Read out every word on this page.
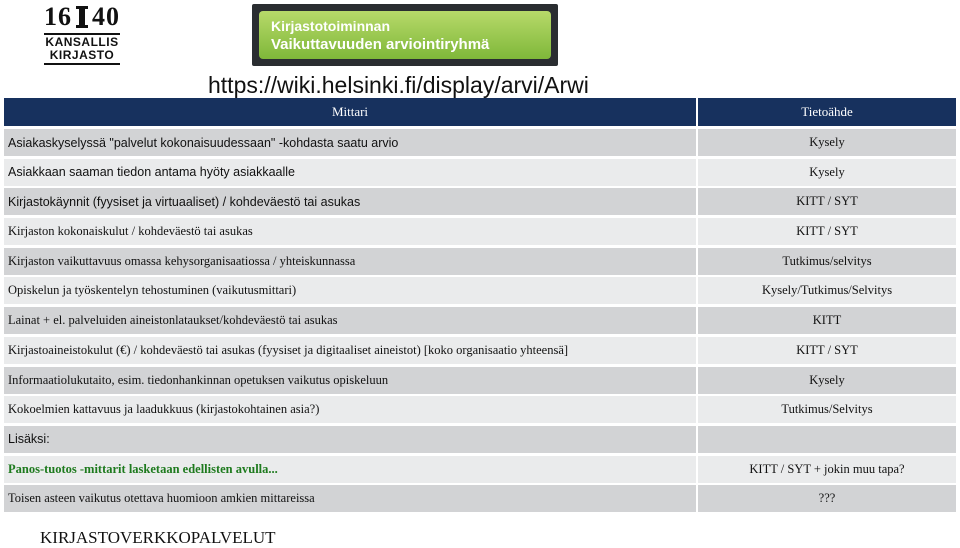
16 40
KANSALLIS
KIRJASTO
Kirjastotoiminnan
Vaikuttavuuden arviointiryhmä
https://wiki.helsinki.fi/display/arvi/Arwi
Mittari	Tietoähde
Asiakaskyselyssä "palvelut kokonaisuudessaan" -kohdasta saatu arvio	Kysely
Asiakkaan saaman tiedon antama hyöty asiakkaalle	Kysely
Kirjastokäynnit (fyysiset ja virtuaaliset) / kohdeväestö tai asukas	KITT / SYT
Kirjaston kokonaiskulut / kohdeväestö tai asukas	KITT / SYT
Kirjaston vaikuttavuus omassa kehysorganisaatiossa / yhteiskunnassa	Tutkimus/selvitys
Opiskelun ja työskentelyn tehostuminen (vaikutusmittari)	Kysely/Tutkimus/Selvitys
Lainat + el. palveluiden aineistonlataukset/kohdeväestö tai asukas	KITT
Kirjastoaineistokulut (€) / kohdeväestö tai asukas (fyysiset ja digitaaliset aineistot) [koko organisaatio yhteensä]	KITT / SYT
Informaatiolukutaito, esim. tiedonhankinnan opetuksen vaikutus opiskeluun	Kysely
Kokoelmien kattavuus ja laadukkuus (kirjastokohtainen asia?)	Tutkimus/Selvitys
Lisäksi:
Panos-tuotos -mittarit lasketaan edellisten avulla...	KITT / SYT + jokin muu tapa?
Toisen asteen vaikutus otettava huomioon amkien mittareissa	???
KIRJASTOVERKKOPALVELUT
